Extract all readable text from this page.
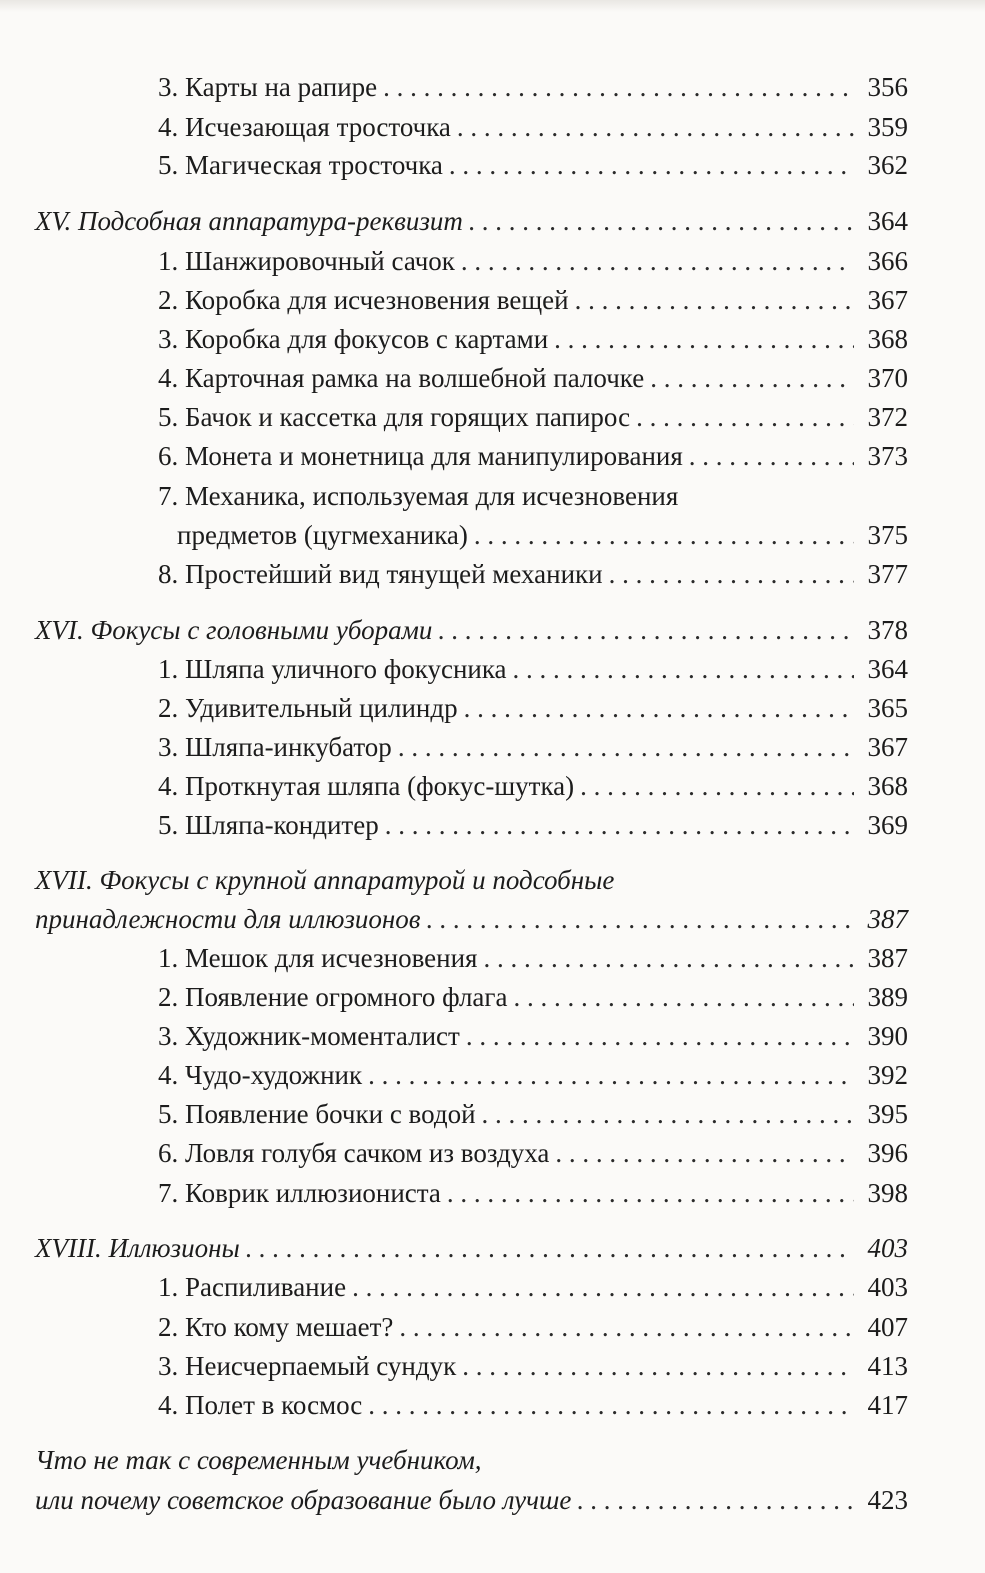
3. Карты на рапире . . .	356
4. Исчезающая тросточка . . .	359
5. Магическая тросточка . . .	362
XV. Подсобная аппаратура-реквизит . . .	364
1. Шанжировочный сачок . . .	366
2. Коробка для исчезновения вещей . . .	367
3. Коробка для фокусов с картами . . .	368
4. Карточная рамка на волшебной палочке . . .	370
5. Бачок и кассетка для горящих папирос . . .	372
6. Монета и монетница для манипулирования . . .	373
7. Механика, используемая для исчезновения
предметов (цугмеханика) . . .	375
8. Простейший вид тянущей механики . . .	377
XVI. Фокусы с головными уборами . . .	378
1. Шляпа уличного фокусника . . .	364
2. Удивительный цилиндр . . .	365
3. Шляпа-инкубатор . . .	367
4. Проткнутая шляпа (фокус-шутка) . . .	368
5. Шляпа-кондитер . . .	369
XVII. Фокусы с крупной аппаратурой и подсобные
принадлежности для иллюзионов . . .	387
1. Мешок для исчезновения . . .	387
2. Появление огромного флага . . .	389
3. Художник-моменталист . . .	390
4. Чудо-художник . . .	392
5. Появление бочки с водой . . .	395
6. Ловля голубя сачком из воздуха . . .	396
7. Коврик иллюзиониста . . .	398
XVIII. Иллюзионы . . .	403
1. Распиливание . . .	403
2. Кто кому мешает? . . .	407
3. Неисчерпаемый сундук . . .	413
4. Полет в космос . . .	417
Что не так с современным учебником,
или почему советское образование было лучше . . .	423
